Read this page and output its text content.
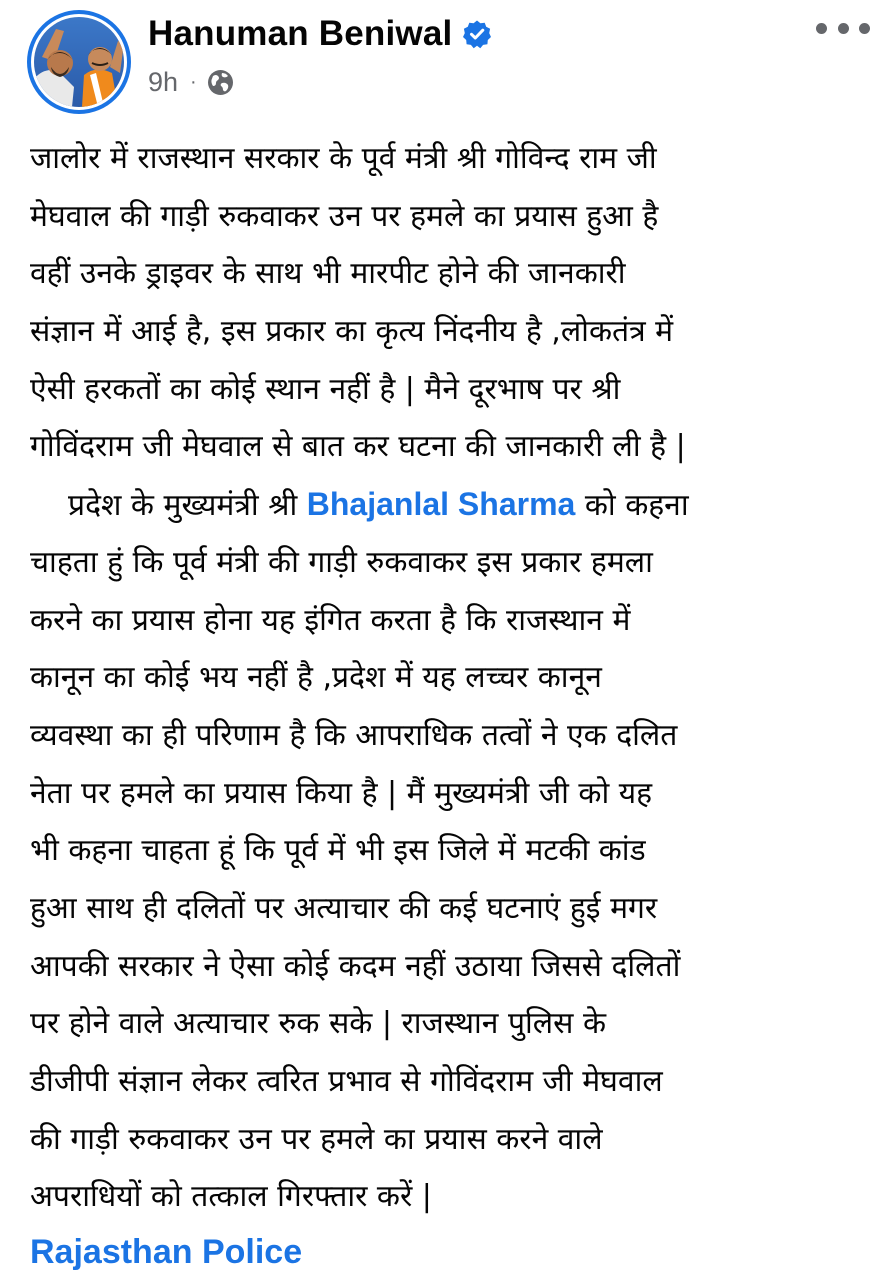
Hanuman Beniwal
9h ·
जालोर में राजस्थान सरकार के पूर्व मंत्री श्री गोविन्द राम जी
मेघवाल की गाड़ी रुकवाकर उन पर हमले का प्रयास हुआ है
वहीं उनके ड्राइवर के साथ भी मारपीट होने की जानकारी
संज्ञान में आई है, इस प्रकार का कृत्य निंदनीय है ,लोकतंत्र में
ऐसी हरकतों का कोई स्थान नहीं है | मैने दूरभाष पर श्री
गोविंदराम जी मेघवाल से बात कर घटना की जानकारी ली है |
प्रदेश के मुख्यमंत्री श्री Bhajanlal Sharma को कहना
चाहता हुं कि पूर्व मंत्री की गाड़ी रुकवाकर इस प्रकार हमला
करने का प्रयास होना यह इंगित करता है कि राजस्थान में
कानून का कोई भय नहीं है ,प्रदेश में यह लच्चर कानून
व्यवस्था का ही परिणाम है कि आपराधिक तत्वों ने एक दलित
नेता पर हमले का प्रयास किया है | मैं मुख्यमंत्री जी को यह
भी कहना चाहता हूं कि पूर्व में भी इस जिले में मटकी कांड
हुआ साथ ही दलितों पर अत्याचार की कई घटनाएं हुई मगर
आपकी सरकार ने ऐसा कोई कदम नहीं उठाया जिससे दलितों
पर होने वाले अत्याचार रुक सके | राजस्थान पुलिस के
डीजीपी संज्ञान लेकर त्वरित प्रभाव से गोविंदराम जी मेघवाल
की गाड़ी रुकवाकर उन पर हमले का प्रयास करने वाले
अपराधियों को तत्काल गिरफ्तार करें |
Rajasthan Police
